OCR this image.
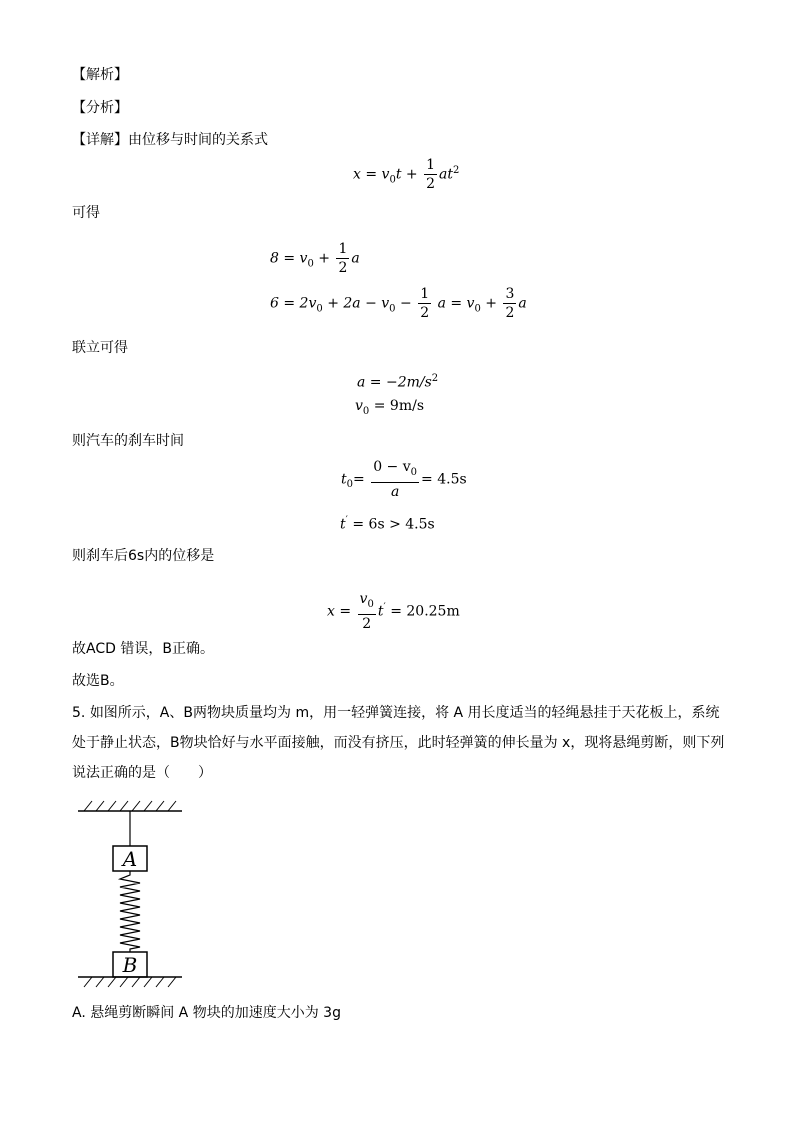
【解析】
【分析】
【详解】由位移与时间的关系式
$x = v_0t + \frac{1}{2} at^2$
可得
$8 = v_0 + \frac{1}{2}$ a
$6 = 2v_0 + 2a - v_0 - \frac{1}{2}$ $a = v_0 + \frac{3}{2}$ a
联立可得
$a = -2m/s^2$
$v_0 = 9m/s$
则汽车的刹车时间
$t_0= \frac{0 - v_0}{a} = 4.5s$
t′ = 6s > 4.5s
则刹车后6s内的位移是
$x = \frac{v_0}{2} t' = 20.25m$
故ACD 错误，B正确。
故选B。
5. 如图所示，A、B两物块质量均为 m，用一轻弹簧连接，将 A 用长度适当的轻绳悬挂于天花板上，系统处于静止状态，B物块恰好与水平面接触，而没有挤压，此时轻弹簧的伸长量为 x，现将悬绳剪断，则下列说法正确的是（　　）
A
B
A. 悬绳剪断瞬间 A 物块的加速度大小为 3g
